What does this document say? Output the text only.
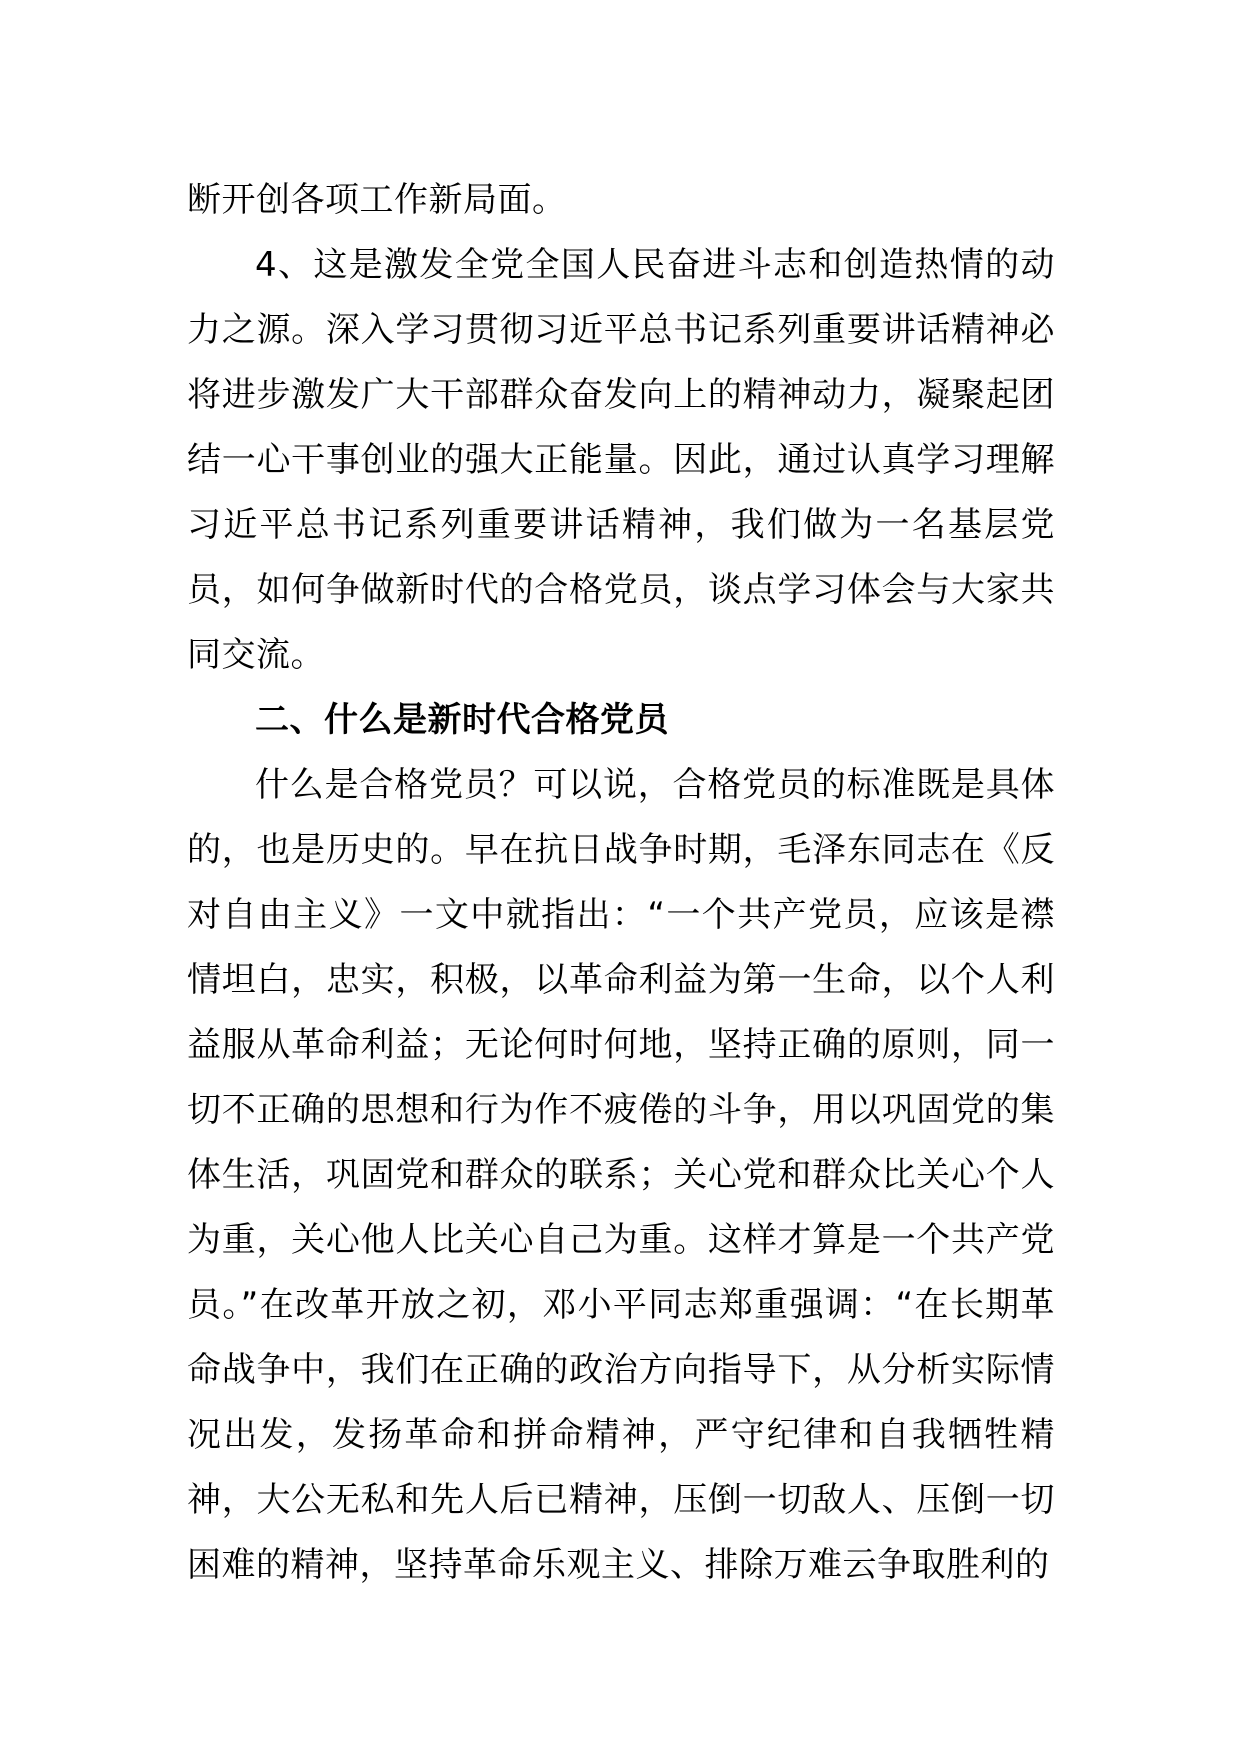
断开创各项工作新局面。

4、这是激发全党全国人民奋进斗志和创造热情的动力之源。深入学习贯彻习近平总书记系列重要讲话精神必将进步激发广大干部群众奋发向上的精神动力，凝聚起团结一心干事创业的强大正能量。因此，通过认真学习理解习近平总书记系列重要讲话精神，我们做为一名基层党员，如何争做新时代的合格党员，谈点学习体会与大家共同交流。

二、什么是新时代合格党员

什么是合格党员？可以说，合格党员的标准既是具体的，也是历史的。早在抗日战争时期，毛泽东同志在《反对自由主义》一文中就指出：“一个共产党员，应该是襟情坦白，忠实，积极，以革命利益为第一生命，以个人利益服从革命利益；无论何时何地，坚持正确的原则，同一切不正确的思想和行为作不疲倦的斗争，用以巩固党的集体生活，巩固党和群众的联系；关心党和群众比关心个人为重，关心他人比关心自己为重。这样才算是一个共产党员。”在改革开放之初，邓小平同志郑重强调：“在长期革命战争中，我们在正确的政治方向指导下，从分析实际情况出发，发扬革命和拼命精神，严守纪律和自我牺牲精神，大公无私和先人后已精神，压倒一切敌人、压倒一切困难的精神，坚持革命乐观主义、排除万难云争取胜利的
